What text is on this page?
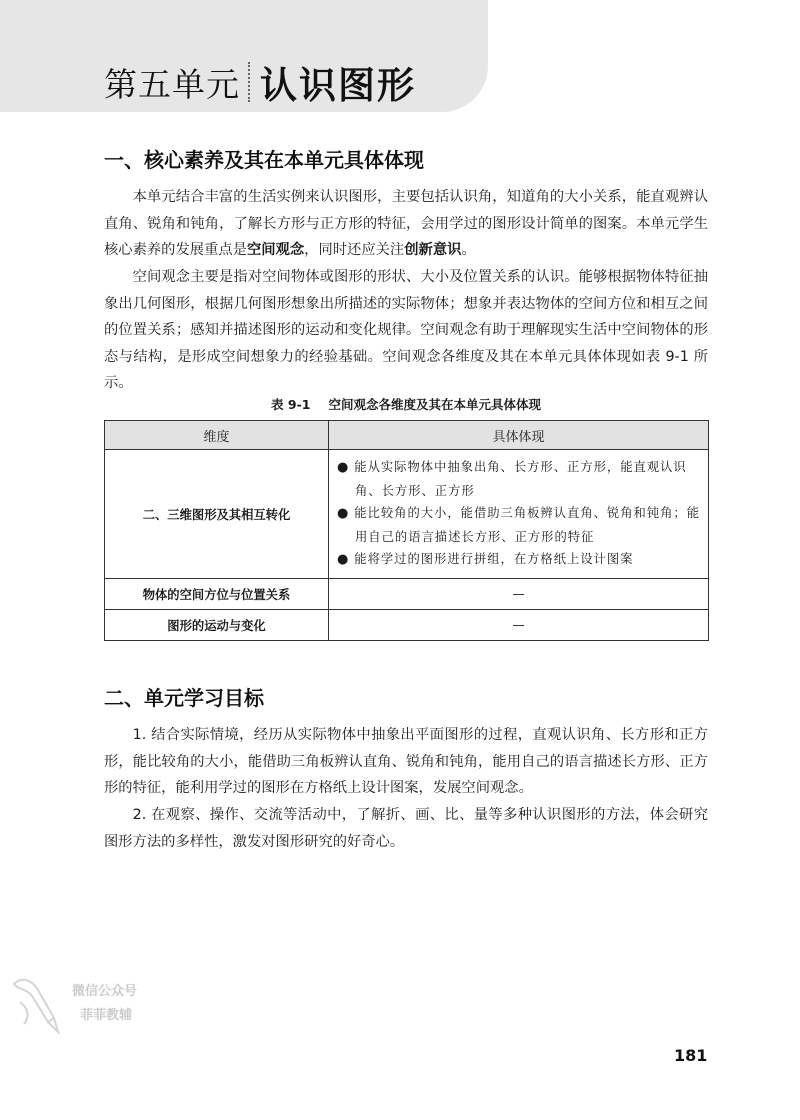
第五单元 认识图形
一、核心素养及其在本单元具体体现
本单元结合丰富的生活实例来认识图形，主要包括认识角，知道角的大小关系，能直观辨认直角、锐角和钝角，了解长方形与正方形的特征，会用学过的图形设计简单的图案。本单元学生核心素养的发展重点是空间观念，同时还应关注创新意识。
空间观念主要是指对空间物体或图形的形状、大小及位置关系的认识。能够根据物体特征抽象出几何图形，根据几何图形想象出所描述的实际物体；想象并表达物体的空间方位和相互之间的位置关系；感知并描述图形的运动和变化规律。空间观念有助于理解现实生活中空间物体的形态与结构，是形成空间想象力的经验基础。空间观念各维度及其在本单元具体体现如表 9-1 所示。
表 9-1 空间观念各维度及其在本单元具体体现
维度	具体体现
二、三维图形及其相互转化	● 能从实际物体中抽象出角、长方形、正方形，能直观认识角、长方形、正方形
● 能比较角的大小，能借助三角板辨认直角、锐角和钝角；能用自己的语言描述长方形、正方形的特征
● 能将学过的图形进行拼组，在方格纸上设计图案

物体的空间方位与位置关系	—
图形的运动与变化	—
二、单元学习目标
1. 结合实际情境，经历从实际物体中抽象出平面图形的过程，直观认识角、长方形和正方形，能比较角的大小，能借助三角板辨认直角、锐角和钝角，能用自己的语言描述长方形、正方形的特征，能利用学过的图形在方格纸上设计图案，发展空间观念。
2. 在观察、操作、交流等活动中，了解折、画、比、量等多种认识图形的方法，体会研究图形方法的多样性，激发对图形研究的好奇心。
微信公众号
菲菲教辅
181
